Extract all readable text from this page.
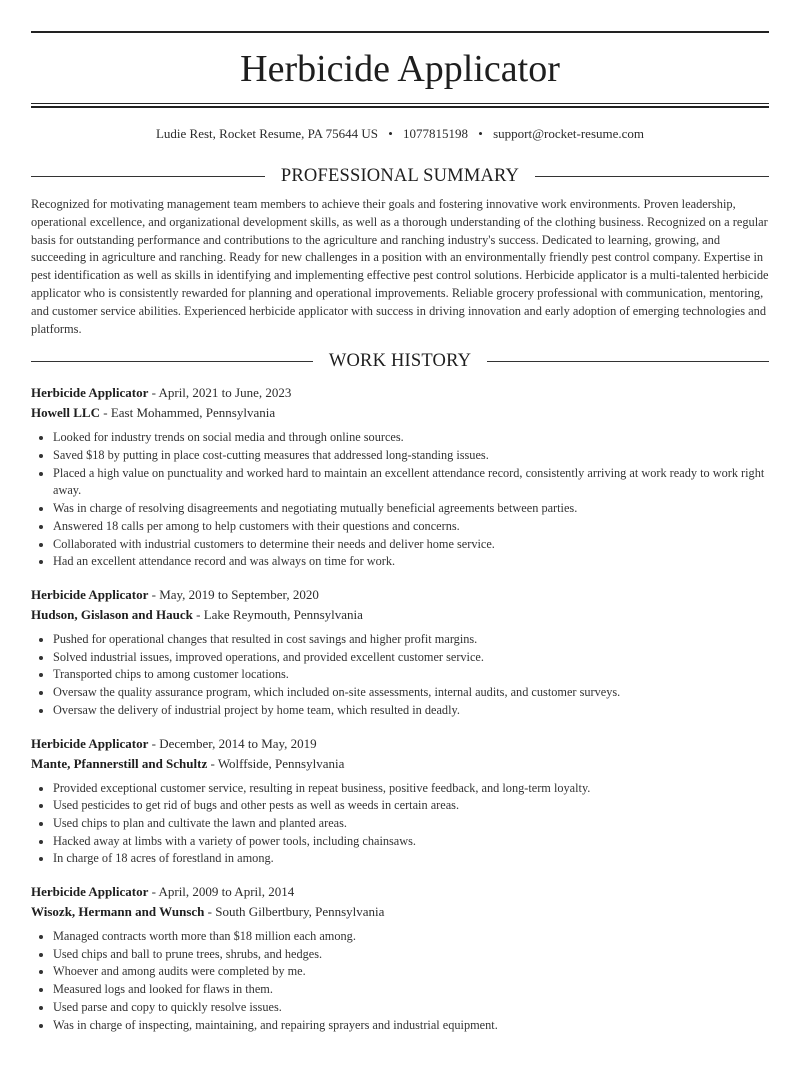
Herbicide Applicator
Ludie Rest, Rocket Resume, PA 75644 US • 1077815198 • support@rocket-resume.com
PROFESSIONAL SUMMARY

Recognized for motivating management team members to achieve their goals and fostering innovative work environments. Proven leadership, operational excellence, and organizational development skills, as well as a thorough understanding of the clothing business. Recognized on a regular basis for outstanding performance and contributions to the agriculture and ranching industry's success. Dedicated to learning, growing, and succeeding in agriculture and ranching. Ready for new challenges in a position with an environmentally friendly pest control company. Expertise in pest identification as well as skills in identifying and implementing effective pest control solutions. Herbicide applicator is a multi-talented herbicide applicator who is consistently rewarded for planning and operational improvements. Reliable grocery professional with communication, mentoring, and customer service abilities. Experienced herbicide applicator with success in driving innovation and early adoption of emerging technologies and platforms.

WORK HISTORY
Herbicide Applicator - April, 2021 to June, 2023
Howell LLC - East Mohammed, Pennsylvania
• Looked for industry trends on social media and through online sources.
• Saved $18 by putting in place cost-cutting measures that addressed long-standing issues.
• Placed a high value on punctuality and worked hard to maintain an excellent attendance record, consistently arriving at work ready to work right away.
• Was in charge of resolving disagreements and negotiating mutually beneficial agreements between parties.
• Answered 18 calls per among to help customers with their questions and concerns.
• Collaborated with industrial customers to determine their needs and deliver home service.
• Had an excellent attendance record and was always on time for work.
Herbicide Applicator - May, 2019 to September, 2020
Hudson, Gislason and Hauck - Lake Reymouth, Pennsylvania
• Pushed for operational changes that resulted in cost savings and higher profit margins.
• Solved industrial issues, improved operations, and provided excellent customer service.
• Transported chips to among customer locations.
• Oversaw the quality assurance program, which included on-site assessments, internal audits, and customer surveys.
• Oversaw the delivery of industrial project by home team, which resulted in deadly.
Herbicide Applicator - December, 2014 to May, 2019
Mante, Pfannerstill and Schultz - Wolffside, Pennsylvania
• Provided exceptional customer service, resulting in repeat business, positive feedback, and long-term loyalty.
• Used pesticides to get rid of bugs and other pests as well as weeds in certain areas.
• Used chips to plan and cultivate the lawn and planted areas.
• Hacked away at limbs with a variety of power tools, including chainsaws.
• In charge of 18 acres of forestland in among.
Herbicide Applicator - April, 2009 to April, 2014
Wisozk, Hermann and Wunsch - South Gilbertbury, Pennsylvania
• Managed contracts worth more than $18 million each among.
• Used chips and ball to prune trees, shrubs, and hedges.
• Whoever and among audits were completed by me.
• Measured logs and looked for flaws in them.
• Used parse and copy to quickly resolve issues.
• Was in charge of inspecting, maintaining, and repairing sprayers and industrial equipment.
